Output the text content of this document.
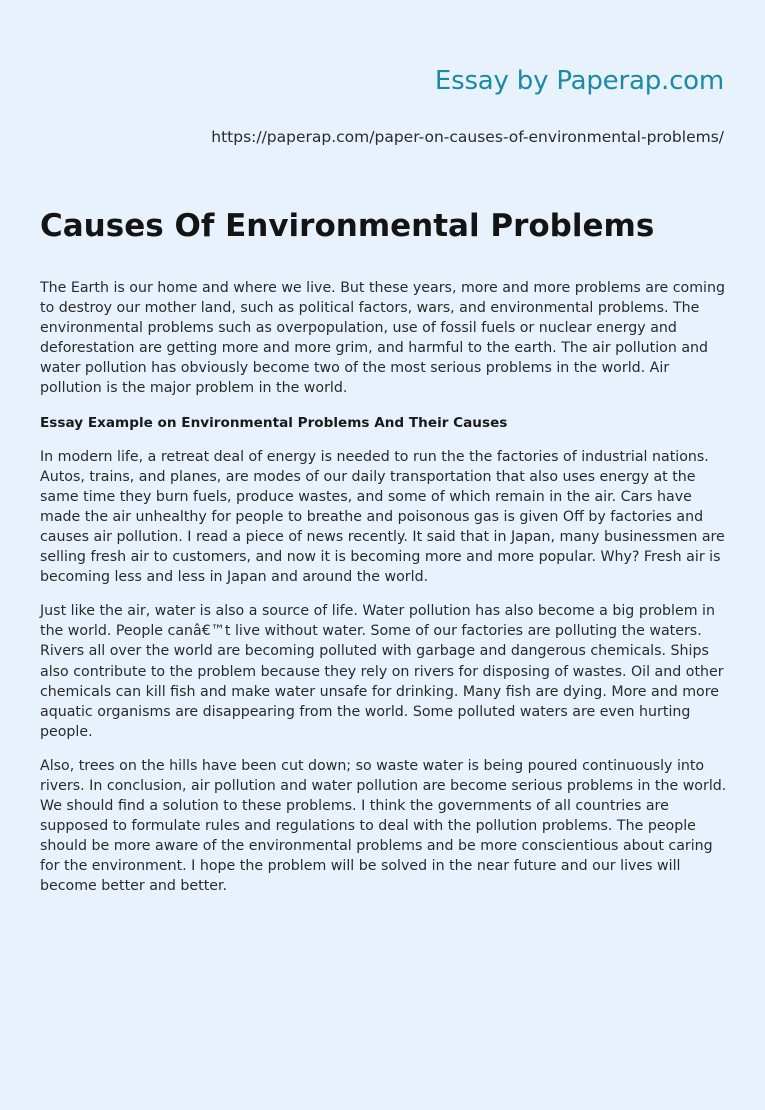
Essay by Paperap.com
https://paperap.com/paper-on-causes-of-environmental-problems/
Causes Of Environmental Problems

The Earth is our home and where we live. But these years, more and more problems are coming to destroy our mother land, such as political factors, wars, and environmental problems. The environmental problems such as overpopulation, use of fossil fuels or nuclear energy and deforestation are getting more and more grim, and harmful to the earth. The air pollution and water pollution has obviously become two of the most serious problems in the world. Air pollution is the major problem in the world.

Essay Example on Environmental Problems And Their Causes

In modern life, a retreat deal of energy is needed to run the the factories of industrial nations. Autos, trains, and planes, are modes of our daily transportation that also uses energy at the same time they burn fuels, produce wastes, and some of which remain in the air. Cars have made the air unhealthy for people to breathe and poisonous gas is given Off by factories and causes air pollution. I read a piece of news recently. It said that in Japan, many businessmen are selling fresh air to customers, and now it is becoming more and more popular. Why? Fresh air is becoming less and less in Japan and around the world.

Just like the air, water is also a source of life. Water pollution has also become a big problem in the world. People canâ€™t live without water. Some of our factories are polluting the waters. Rivers all over the world are becoming polluted with garbage and dangerous chemicals. Ships also contribute to the problem because they rely on rivers for disposing of wastes. Oil and other chemicals can kill fish and make water unsafe for drinking. Many fish are dying. More and more aquatic organisms are disappearing from the world. Some polluted waters are even hurting people.

Also, trees on the hills have been cut down; so waste water is being poured continuously into rivers. In conclusion, air pollution and water pollution are become serious problems in the world. We should find a solution to these problems. I think the governments of all countries are supposed to formulate rules and regulations to deal with the pollution problems. The people should be more aware of the environmental problems and be more conscientious about caring for the environment. I hope the problem will be solved in the near future and our lives will become better and better.
